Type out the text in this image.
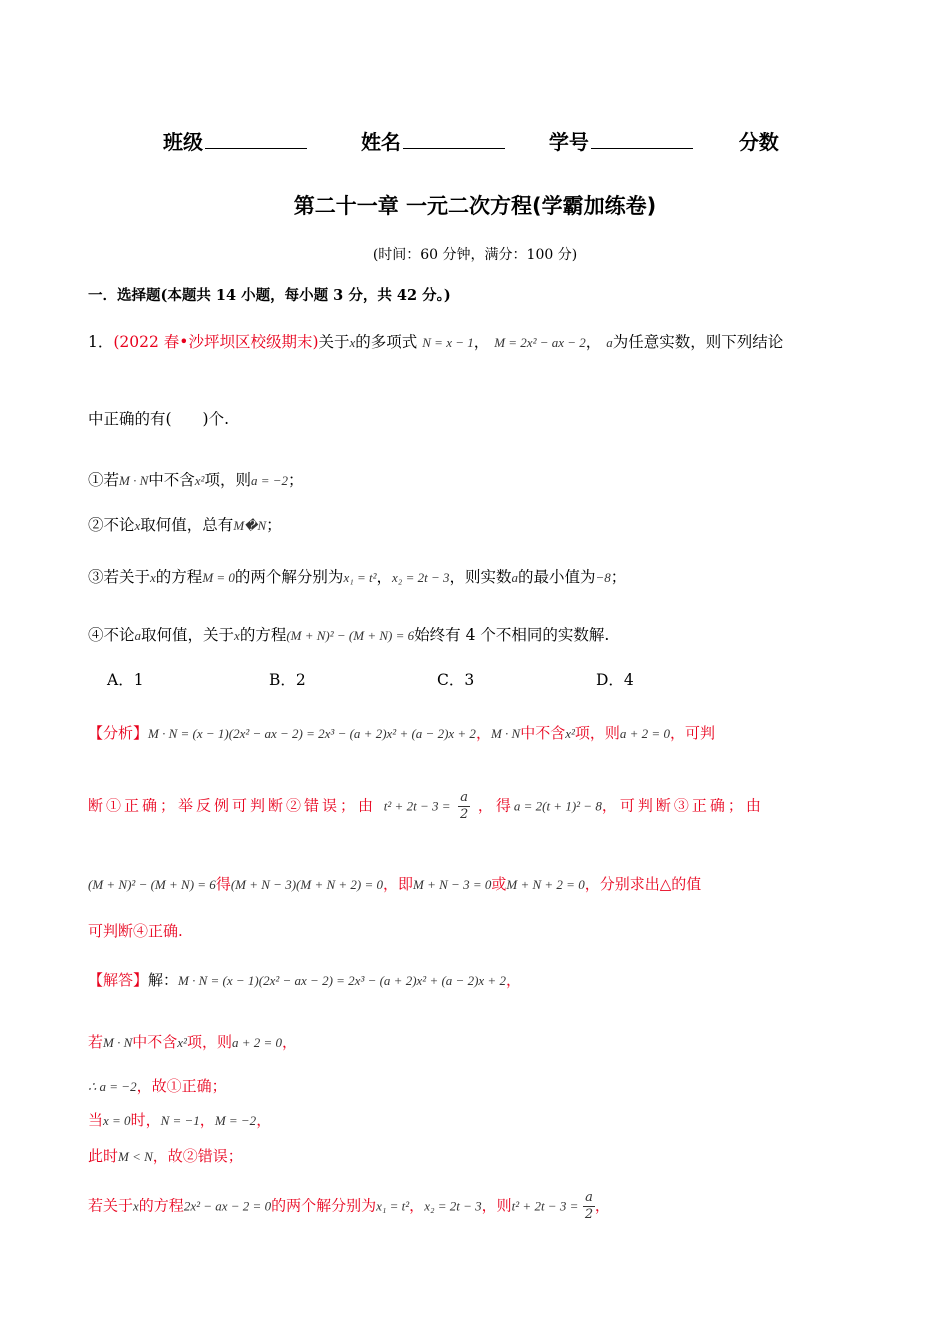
班级	姓名	学号	分数
第二十一章 一元二次方程(学霸加练卷)
(时间：60 分钟，满分：100 分)
一．选择题(本题共 14 小题，每小题 3 分，共 42 分。)
1．(2022 春•沙坪坝区校级期末)关于x的多项式 N = x − 1， M = 2x² − ax − 2， a为任意实数，则下列结论
中正确的有(　　)个.
①若M · N中不含x²项，则a = −2；
②不论x取何值，总有M�N；
③若关于x的方程M = 0的两个解分别为x₁ = t²，x₂ = 2t − 3，则实数a的最小值为−8；
④不论a取何值，关于x的方程(M + N)² − (M + N) = 6始终有 4 个不相同的实数解.
A．1	B．2	C．3	D．4
【分析】M · N = (x − 1)(2x² − ax − 2) = 2x³ − (a + 2)x² + (a − 2)x + 2，M · N中不含x²项，则a + 2 = 0，可判
断①正确；举反例可判断②错误；由 $t^2 + 2t - 3 = \frac{a}{2}$ ，得a = 2(t + 1)² − 8，可判断③正确；由
(M + N)² − (M + N) = 6得(M + N − 3)(M + N + 2) = 0，即M + N − 3 = 0或M + N + 2 = 0，分别求出△的值
可判断④正确.
【解答】解：M · N = (x − 1)(2x² − ax − 2) = 2x³ − (a + 2)x² + (a − 2)x + 2，
若M · N中不含x²项，则a + 2 = 0，
∴ a = −2，故①正确；
当x = 0时，N = −1，M = −2，
此时M < N，故②错误；
若关于x的方程2x² − ax − 2 = 0的两个解分别为x₁ = t²，x₂ = 2t − 3，则$t^2 + 2t - 3 = \frac{a}{2}$ ，
